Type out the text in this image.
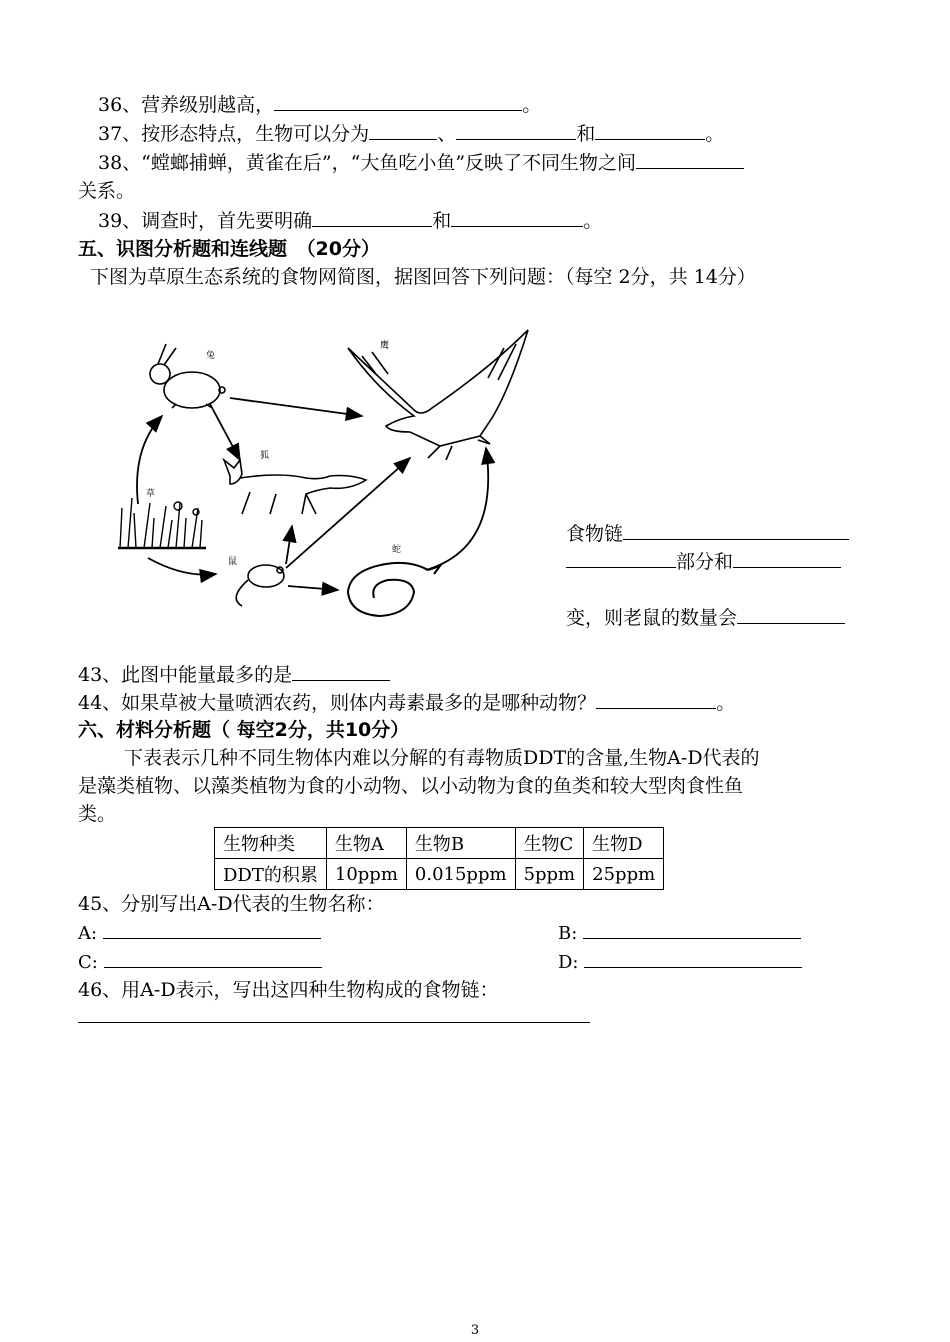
36、营养级别越高，	。
37、按形态特点，生物可以分为	、	和	。
38、“螳螂捕蝉，黄雀在后”，“大鱼吃小鱼”反映了不同生物之间
关系。
39、调查时，首先要明确	和	。
五、识图分析题和连线题　（20分）
下图为草原生态系统的食物网简图，据图回答下列问题：（每空 2分，共 14分）
食物链
部分和
变，则老鼠的数量会
兔
鹰
狐
草
鼠
蛇
43、此图中能量最多的是
44、如果草被大量喷洒农药，则体内毒素最多的是哪种动物？	。
六、材料分析题（ 每空2分，共10分）
下表表示几种不同生物体内难以分解的有毒物质DDT的含量,生物A-D代表的
是藻类植物、以藻类植物为食的小动物、以小动物为食的鱼类和较大型肉食性鱼
类。
生物种类	生物A	生物B	生物C	生物D
DDT的积累	10ppm	0.015ppm	5ppm	25ppm
45、分别写出A-D代表的生物名称：
A:	B:
C:	D:
46、用A-D表示，写出这四种生物构成的食物链：
3
